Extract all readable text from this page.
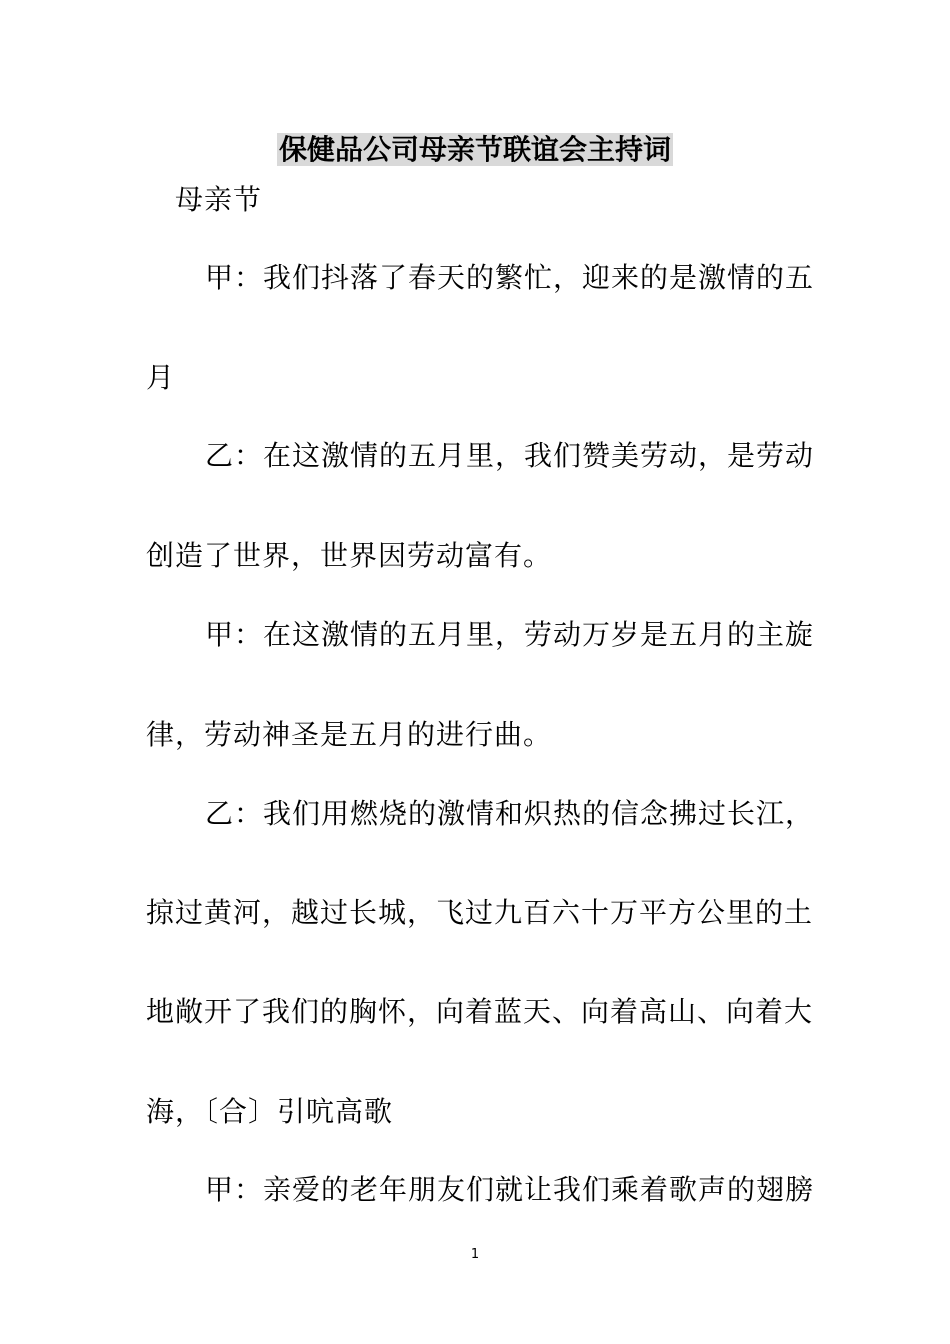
保健品公司母亲节联谊会主持词
母亲节
甲：我们抖落了春天的繁忙，迎来的是激情的五
月
乙：在这激情的五月里，我们赞美劳动，是劳动
创造了世界，世界因劳动富有。
甲：在这激情的五月里，劳动万岁是五月的主旋
律，劳动神圣是五月的进行曲。
乙：我们用燃烧的激情和炽热的信念拂过长江，
掠过黄河，越过长城，飞过九百六十万平方公里的土
地敞开了我们的胸怀，向着蓝天、向着高山、向着大
海，〔合〕引吭高歌
甲：亲爱的老年朋友们就让我们乘着歌声的翅膀
1
